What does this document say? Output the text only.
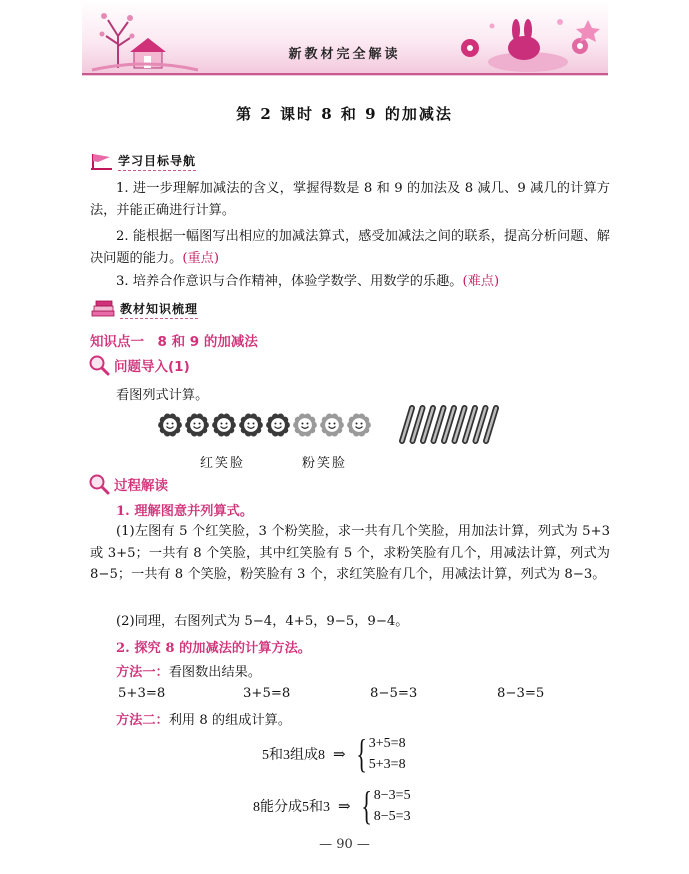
新教材完全解读
第 2 课时 8 和 9 的加减法
学习目标导航
1. 进一步理解加减法的含义，掌握得数是 8 和 9 的加法及 8 减几、9 减几的计算方法，并能正确进行计算。
2. 能根据一幅图写出相应的加减法算式，感受加减法之间的联系，提高分析问题、解决问题的能力。(重点)
3. 培养合作意识与合作精神，体验学数学、用数学的乐趣。(难点)
教材知识梳理
知识点一　8 和 9 的加减法
问题导入(1)
看图列式计算。
红笑脸	粉笑脸
过程解读
1. 理解图意并列算式。
(1)左图有 5 个红笑脸，3 个粉笑脸，求一共有几个笑脸，用加法计算，列式为 5+3 或 3+5；一共有 8 个笑脸，其中红笑脸有 5 个，求粉笑脸有几个，用减法计算，列式为 8−5；一共有 8 个笑脸，粉笑脸有 3 个，求红笑脸有几个，用减法计算，列式为 8−3。
(2)同理，右图列式为 5−4，4+5，9−5，9−4。
2. 探究 8 的加减法的计算方法。
方法一：看图数出结果。
5+3=8	3+5=8	8−5=3	8−3=5
方法二：利用 8 的组成计算。
5和3组成8 ⇒ { 3+5=8
5+3=8
8能分成5和3 ⇒ { 8−3=5
8−5=3
— 90 —
